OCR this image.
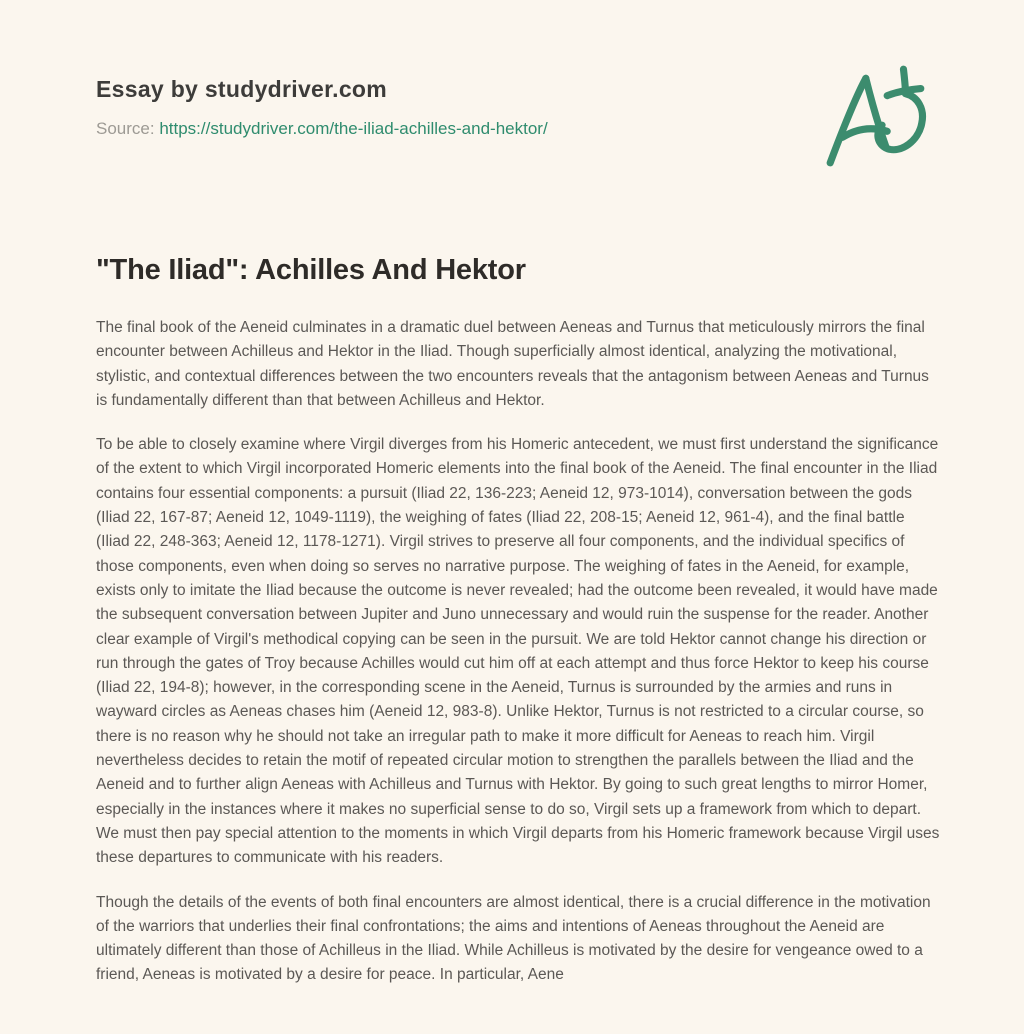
Essay by studydriver.com
Source: https://studydriver.com/the-iliad-achilles-and-hektor/
"The Iliad": Achilles And Hektor

The final book of the Aeneid culminates in a dramatic duel between Aeneas and Turnus that meticulously mirrors the final encounter between Achilleus and Hektor in the Iliad. Though superficially almost identical, analyzing the motivational, stylistic, and contextual differences between the two encounters reveals that the antagonism between Aeneas and Turnus is fundamentally different than that between Achilleus and Hektor.

To be able to closely examine where Virgil diverges from his Homeric antecedent, we must first understand the significance of the extent to which Virgil incorporated Homeric elements into the final book of the Aeneid. The final encounter in the Iliad contains four essential components: a pursuit (Iliad 22, 136-223; Aeneid 12, 973-1014), conversation between the gods (Iliad 22, 167-87; Aeneid 12, 1049-1119), the weighing of fates (Iliad 22, 208-15; Aeneid 12, 961-4), and the final battle (Iliad 22, 248-363; Aeneid 12, 1178-1271). Virgil strives to preserve all four components, and the individual specifics of those components, even when doing so serves no narrative purpose. The weighing of fates in the Aeneid, for example, exists only to imitate the Iliad because the outcome is never revealed; had the outcome been revealed, it would have made the subsequent conversation between Jupiter and Juno unnecessary and would ruin the suspense for the reader. Another clear example of Virgil's methodical copying can be seen in the pursuit. We are told Hektor cannot change his direction or run through the gates of Troy because Achilles would cut him off at each attempt and thus force Hektor to keep his course (Iliad 22, 194-8); however, in the corresponding scene in the Aeneid, Turnus is surrounded by the armies and runs in wayward circles as Aeneas chases him (Aeneid 12, 983-8). Unlike Hektor, Turnus is not restricted to a circular course, so there is no reason why he should not take an irregular path to make it more difficult for Aeneas to reach him. Virgil nevertheless decides to retain the motif of repeated circular motion to strengthen the parallels between the Iliad and the Aeneid and to further align Aeneas with Achilleus and Turnus with Hektor. By going to such great lengths to mirror Homer, especially in the instances where it makes no superficial sense to do so, Virgil sets up a framework from which to depart. We must then pay special attention to the moments in which Virgil departs from his Homeric framework because Virgil uses these departures to communicate with his readers.

Though the details of the events of both final encounters are almost identical, there is a crucial difference in the motivation of the warriors that underlies their final confrontations; the aims and intentions of Aeneas throughout the Aeneid are ultimately different than those of Achilleus in the Iliad. While Achilleus is motivated by the desire for vengeance owed to a friend, Aeneas is motivated by a desire for peace. In particular, Aene
